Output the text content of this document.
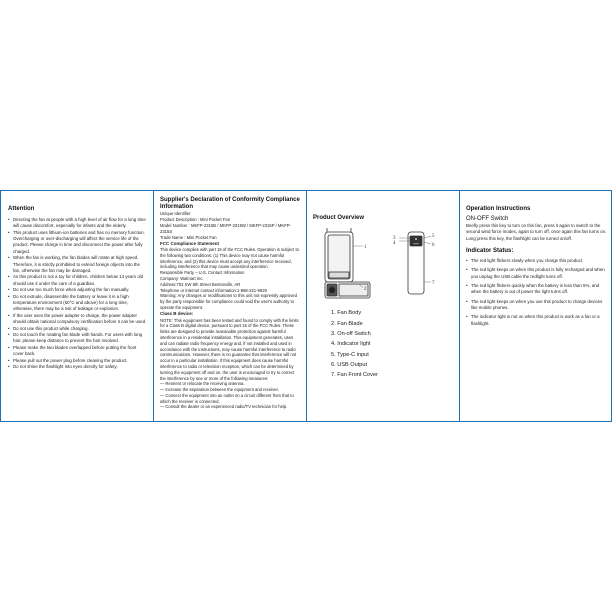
Attention
• Directing the fan at people with a high level of air flow for a long time will cause discomfort, especially for infants and the elderly.
• This product uses lithium-ion batteries and has no memory function. Overcharging or over-discharging will affect the service life of the product. Please charge in time and disconnect the power after fully charged.
• When the fan is working, the fan blades will rotate at high speed. Therefore, it is strictly prohibited to extend foreign objects into the fan, otherwise the fan may be damaged.
• As this product is not a toy for children, children below 14 years old should use it under the care of a guardian.
• Do not use too much force when adjusting the fan manually.
• Do not extrude, disassemble the battery or leave it in a high temperature environment (60°C and above) for a long time, otherwise, there may be a risk of leakage or explosion.
• If the user uses the power adapter to charge, the power adapter should obtain national compulsory certification before it can be used.
• Do not use this product while charging.
• Do not touch the rotating fan blade with hands. For users with long hair, please keep distance to prevent the hair involved.
• Please make the two blades overlapped before putting the front cover back.
• Please pull out the power plug before cleaning the product.
• Do not shine the flashlight into eyes directly for safety.
Supplier's Declaration of Conformity Compliance Information

Unique Identifier

Product Description : Mini Pocket Fan

Model Number : MKFP-2315B / MKFP-2315W / MKFP-2315P / MKFP-2315S

Trade Name : Mini Pocket Fan

FCC Compliance Statement

This device complies with part 15 of the FCC Rules. Operation is subject to the following two conditions: (1) This device may not cause harmful interference, and (2) this device must accept any interference received, including interference that may cause undesired operation.

Responsible Party – U.S. Contact Information

Company: Walmart Inc.

Address:702 SW 8th Street Bentonville, AR

Telephone or internet contact information:1-888-321-9929

Warning: Any changes or modifications to this unit not expressly approved by the party responsible for compliance could void the user's authority to operate the equipment.

Class B device:

NOTE: This equipment has been tested and found to comply with the limits for a Class B digital device, pursuant to part 15 of the FCC Rules. These limits are designed to provide reasonable protection against harmful interference in a residential installation. This equipment generates, uses and can radiate radio frequency energy and, if not installed and used in accordance with the instructions, may cause harmful interference to radio communications. However, there is no guarantee that interference will not occur in a particular installation. If this equipment does cause harmful interference to radio or television reception, which can be determined by turning the equipment off and on, the user is encouraged to try to correct the interference by one or more of the following measures:

— Reorient or relocate the receiving antenna.

— Increase the separation between the equipment and receiver.

— Connect the equipment into an outlet on a circuit different from that to which the receiver is connected.

— Consult the dealer or an experienced radio/TV technician for help.

Product Overview
1
2
3
4
5
6
7
1. Fan Body
2. Fan Blade
3. On-off Switch
4. Indicator light
5. Type-C input
6. USB Output
7. Fan Front Cover
Operation Instructions
ON-OFF Switch

Briefly press this key to turn on this fan, press it again to switch to the second wind force modes, again to turn off, once again this fan turns on. Long press this key, the flashlight can be turned on/off.

Indicator Status:
• The red light flickers slowly when you charge this product.
• The red light keeps on when this product is fully recharged and when you unplug the USB cable the redlight turns off.
• The red light flickers quickly when the battery is less than 5%, and when the battery is out of power the light turns off.
• The red light keeps on when you use this product to charge devices like mobile phones.
• The indicator light is not on when this product is work as a fan or a flashlight.
